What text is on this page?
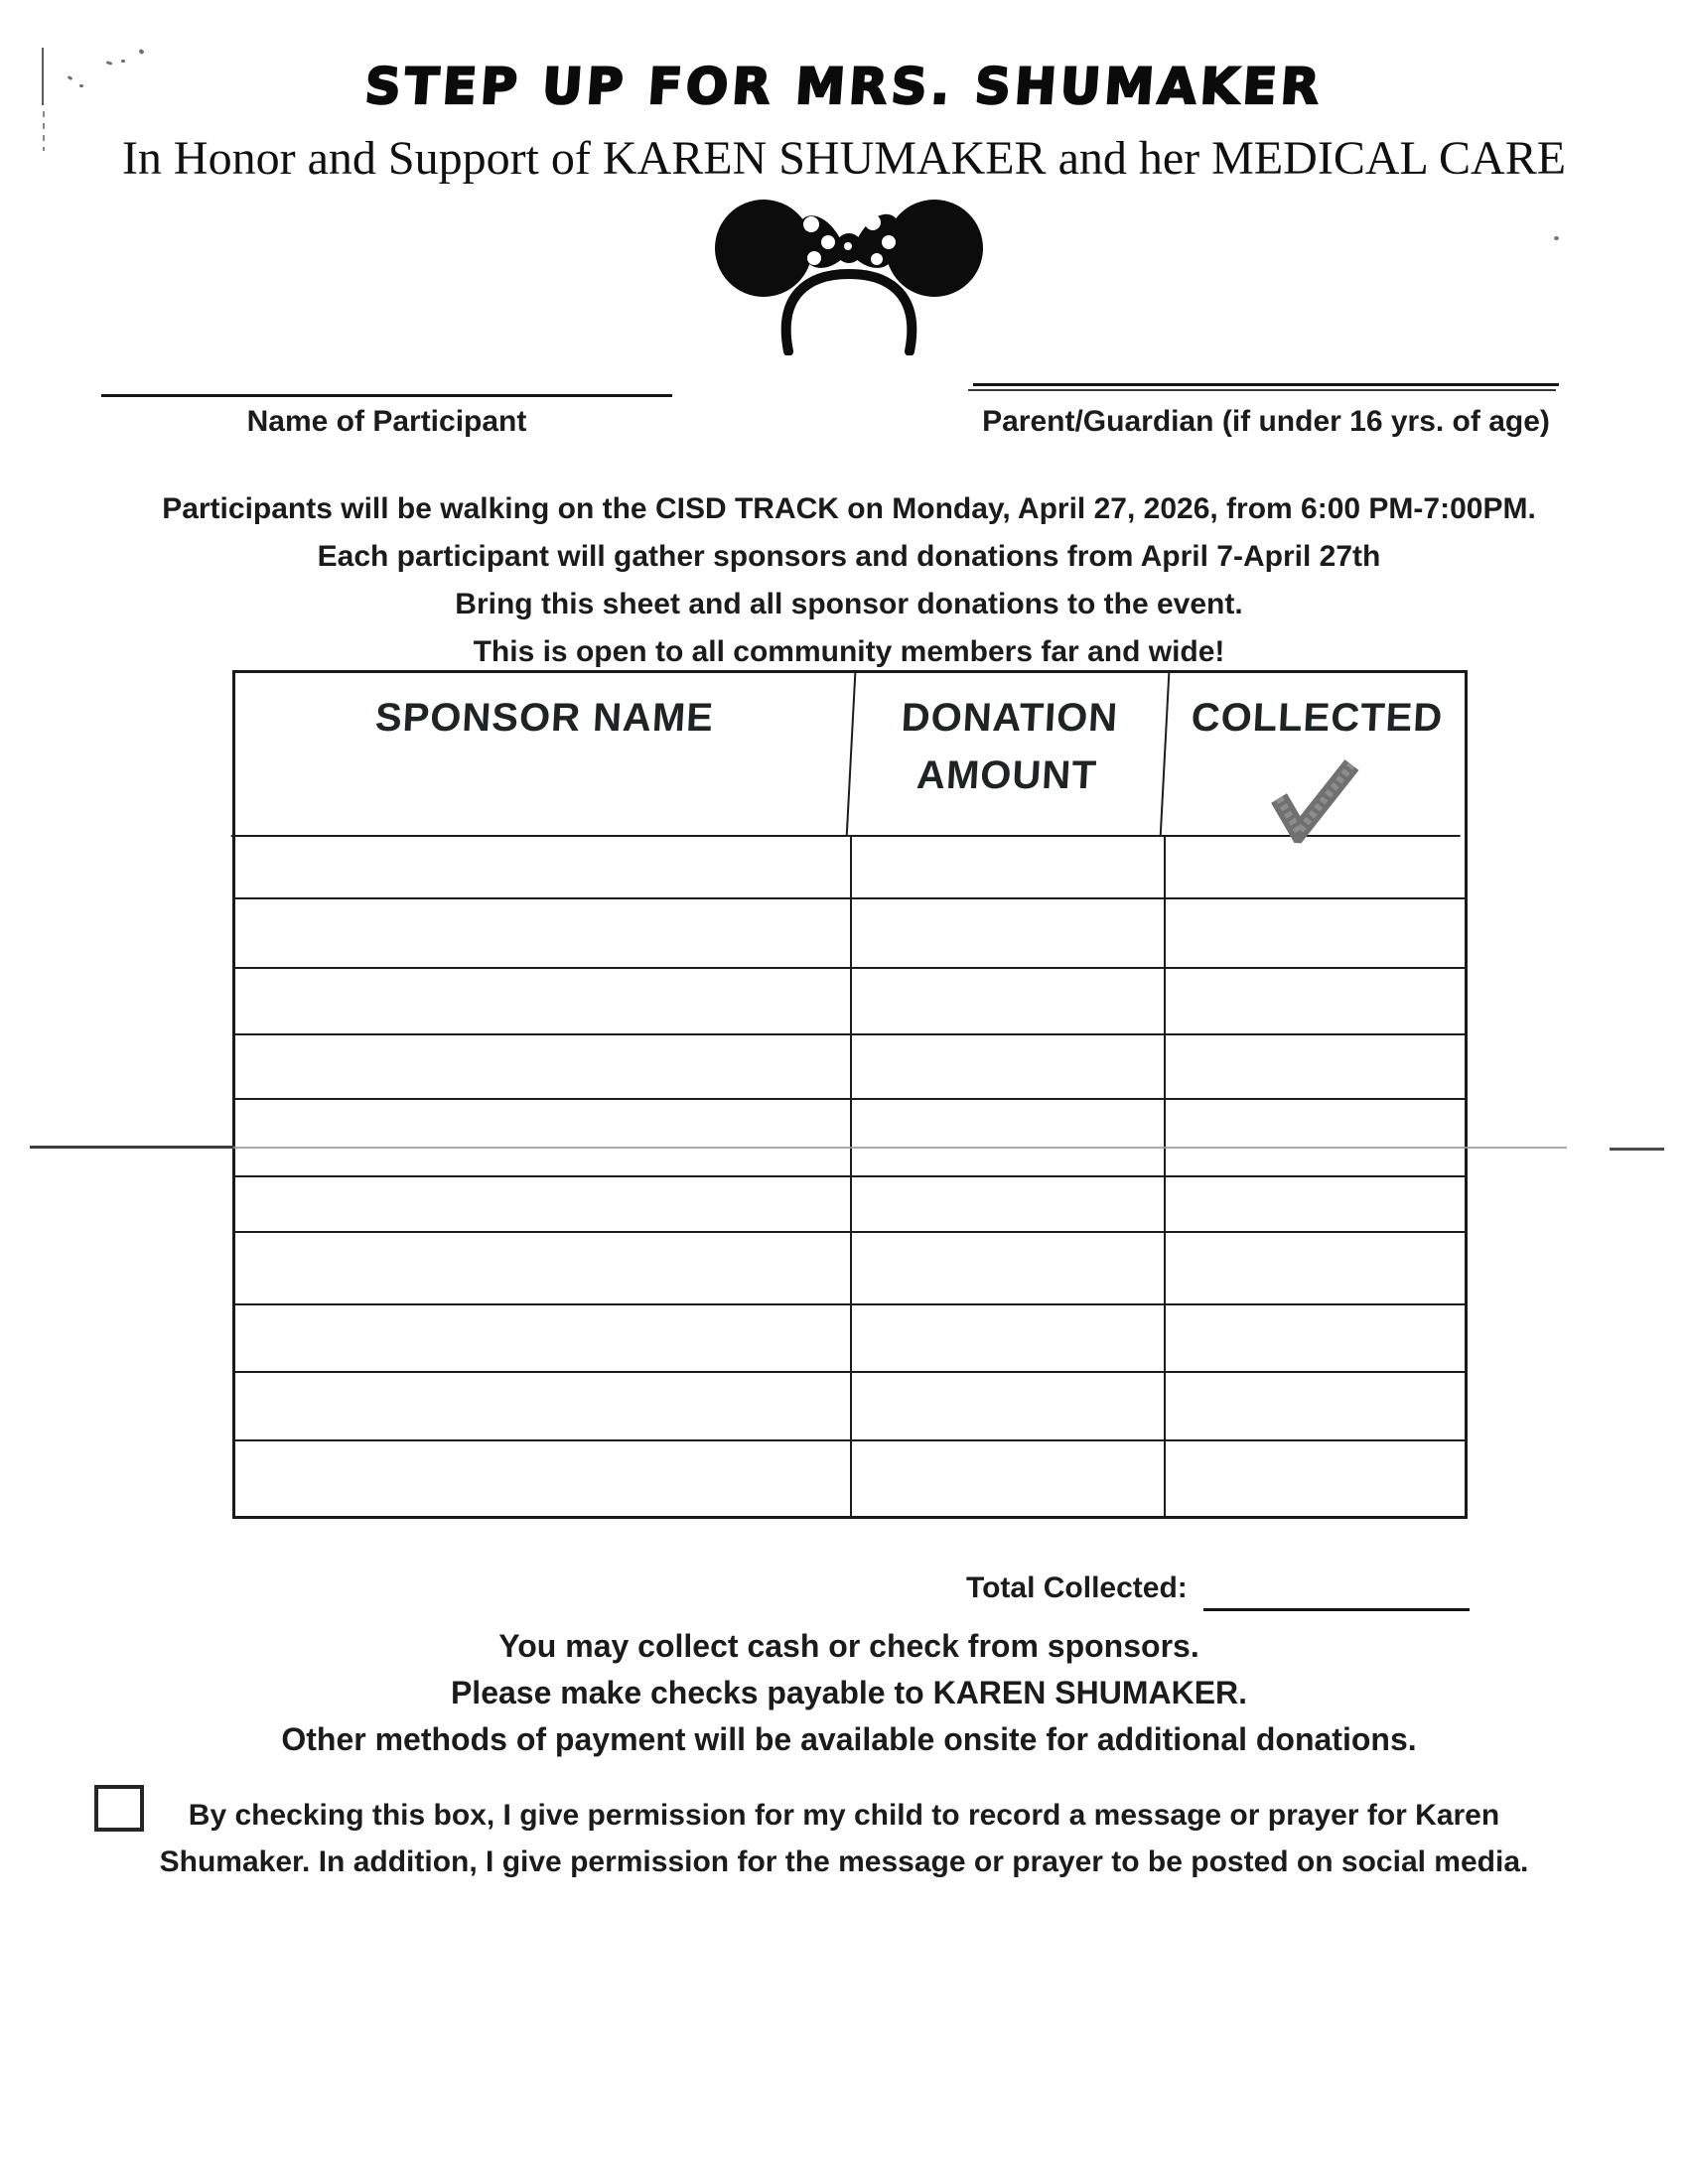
STEP UP FOR MRS. SHUMAKER
In Honor and Support of KAREN SHUMAKER and her MEDICAL CARE
Name of Participant	Parent/Guardian (if under 16 yrs. of age)
Participants will be walking on the CISD TRACK on Monday, April 27, 2026, from 6:00 PM-7:00PM.
Each participant will gather sponsors and donations from April 7-April 27th
Bring this sheet and all sponsor donations to the event.
This is open to all community members far and wide!
SPONSOR NAME	DONATION AMOUNT
COLLECTED
Total Collected:
You may collect cash or check from sponsors.
Please make checks payable to KAREN SHUMAKER.
Other methods of payment will be available onsite for additional donations.
By checking this box, I give permission for my child to record a message or prayer for Karen Shumaker. In addition, I give permission for the message or prayer to be posted on social media.
